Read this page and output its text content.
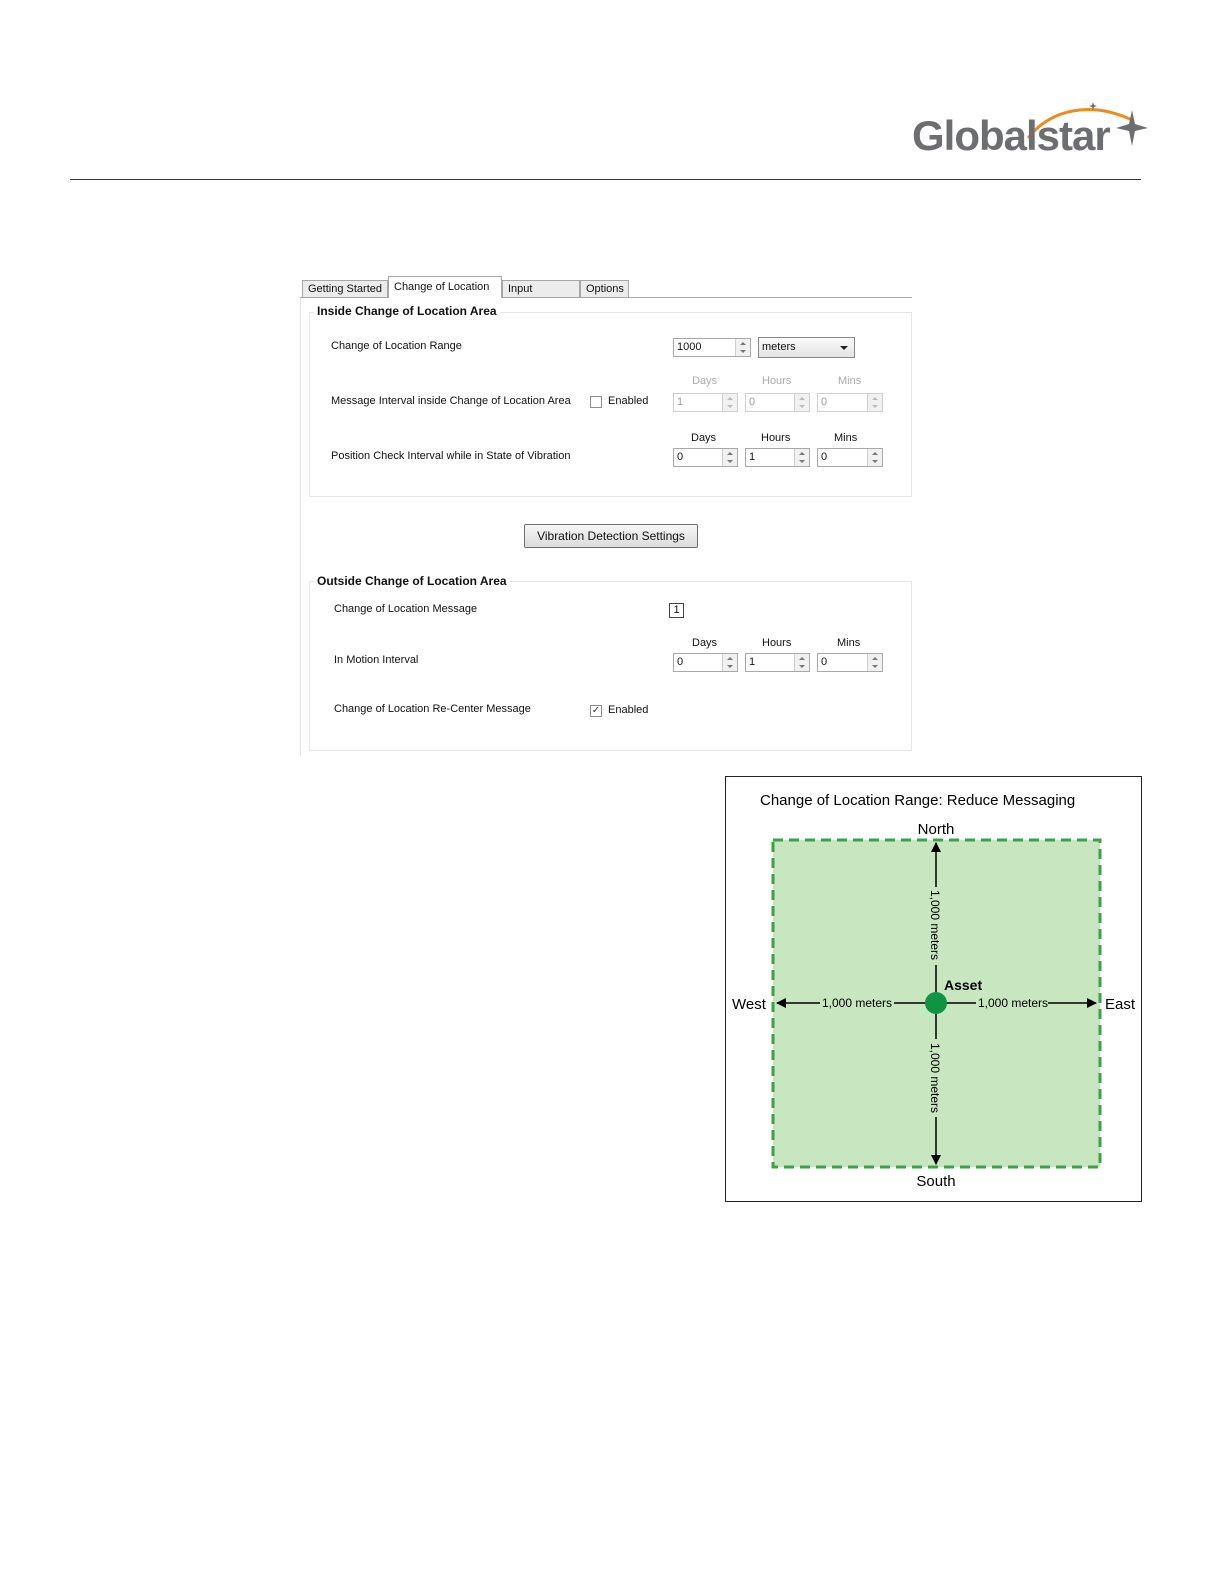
Globalstar
Getting Started	Change of Location	Input	Options
Inside Change of Location Area
Change of Location Range	1000	meters
Days	Hours	Mins
Message Interval inside Change of Location Area	Enabled	1	0	0
Days	Hours	Mins
Position Check Interval while in State of Vibration	0	1	0
Vibration Detection Settings
Outside Change of Location Area
Change of Location Message	1
Days	Hours	Mins
In Motion Interval	0	1	0
Change of Location Re-Center Message	✓ Enabled
Change of Location Range: Reduce Messaging
North
South
West	East
1,000 meters
1,000 meters
1,000 meters	1,000 meters
Asset
